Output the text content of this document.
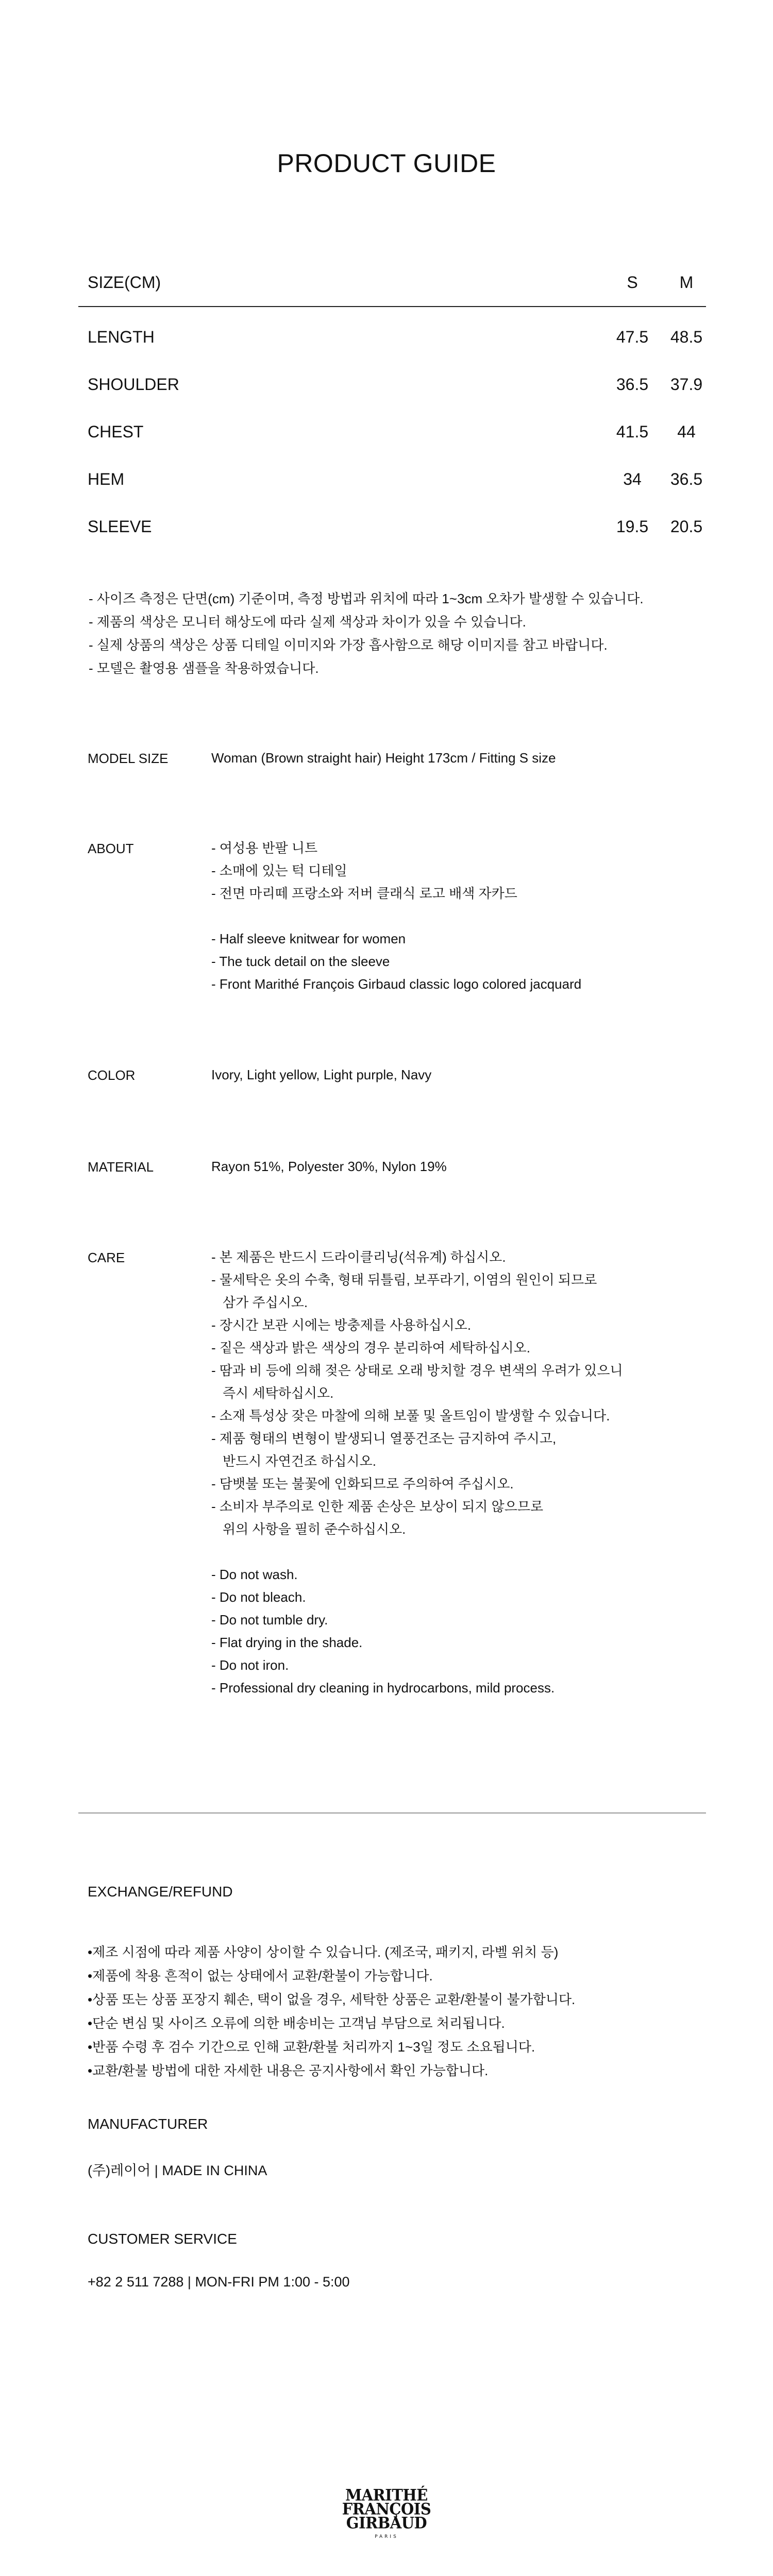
PRODUCT GUIDE
SIZE(CM)	S	M
LENGTH	47.5 48.5
SHOULDER	36.5 37.9
CHEST	41.5	44
HEM	34	36.5
SLEEVE	19.5 20.5
- 사이즈 측정은 단면(cm) 기준이며, 측정 방법과 위치에 따라 1~3cm 오차가 발생할 수 있습니다.
- 제품의 색상은 모니터 해상도에 따라 실제 색상과 차이가 있을 수 있습니다.
- 실제 상품의 색상은 상품 디테일 이미지와 가장 흡사함으로 해당 이미지를 참고 바랍니다.
- 모델은 촬영용 샘플을 착용하였습니다.
MODEL SIZE	Woman (Brown straight hair) Height 173cm / Fitting S size
ABOUT	- 여성용 반팔 니트
- 소매에 있는 턱 디테일
- 전면 마리떼 프랑소와 저버 클래식 로고 배색 자카드
- Half sleeve knitwear for women
- The tuck detail on the sleeve
- Front Marithé François Girbaud classic logo colored jacquard
COLOR	Ivory, Light yellow, Light purple, Navy
MATERIAL	Rayon 51%, Polyester 30%, Nylon 19%
CARE	- 본 제품은 반드시 드라이클리닝(석유계) 하십시오.
- 물세탁은 옷의 수축, 형태 뒤틀림, 보푸라기, 이염의 원인이 되므로
삼가 주십시오.
- 장시간 보관 시에는 방충제를 사용하십시오.
- 짙은 색상과 밝은 색상의 경우 분리하여 세탁하십시오.
- 땀과 비 등에 의해 젖은 상태로 오래 방치할 경우 변색의 우려가 있으니
즉시 세탁하십시오.
- 소재 특성상 잦은 마찰에 의해 보풀 및 올트임이 발생할 수 있습니다.
- 제품 형태의 변형이 발생되니 열풍건조는 금지하여 주시고,
반드시 자연건조 하십시오.
- 담뱃불 또는 불꽃에 인화되므로 주의하여 주십시오.
- 소비자 부주의로 인한 제품 손상은 보상이 되지 않으므로
위의 사항을 필히 준수하십시오.
- Do not wash.
- Do not bleach.
- Do not tumble dry.
- Flat drying in the shade.
- Do not iron.
- Professional dry cleaning in hydrocarbons, mild process.
EXCHANGE/REFUND
•제조 시점에 따라 제품 사양이 상이할 수 있습니다. (제조국, 패키지, 라벨 위치 등)
•제품에 착용 흔적이 없는 상태에서 교환/환불이 가능합니다.
•상품 또는 상품 포장지 훼손, 택이 없을 경우, 세탁한 상품은 교환/환불이 불가합니다.
•단순 변심 및 사이즈 오류에 의한 배송비는 고객님 부담으로 처리됩니다.
•반품 수령 후 검수 기간으로 인해 교환/환불 처리까지 1~3일 정도 소요됩니다.
•교환/환불 방법에 대한 자세한 내용은 공지사항에서 확인 가능합니다.
MANUFACTURER
(주)레이어 | MADE IN CHINA
CUSTOMER SERVICE
+82 2 511 7288 | MON-FRI PM 1:00 - 5:00
MARITHÉ
FRANÇOIS
GIRBAUD
PARIS
